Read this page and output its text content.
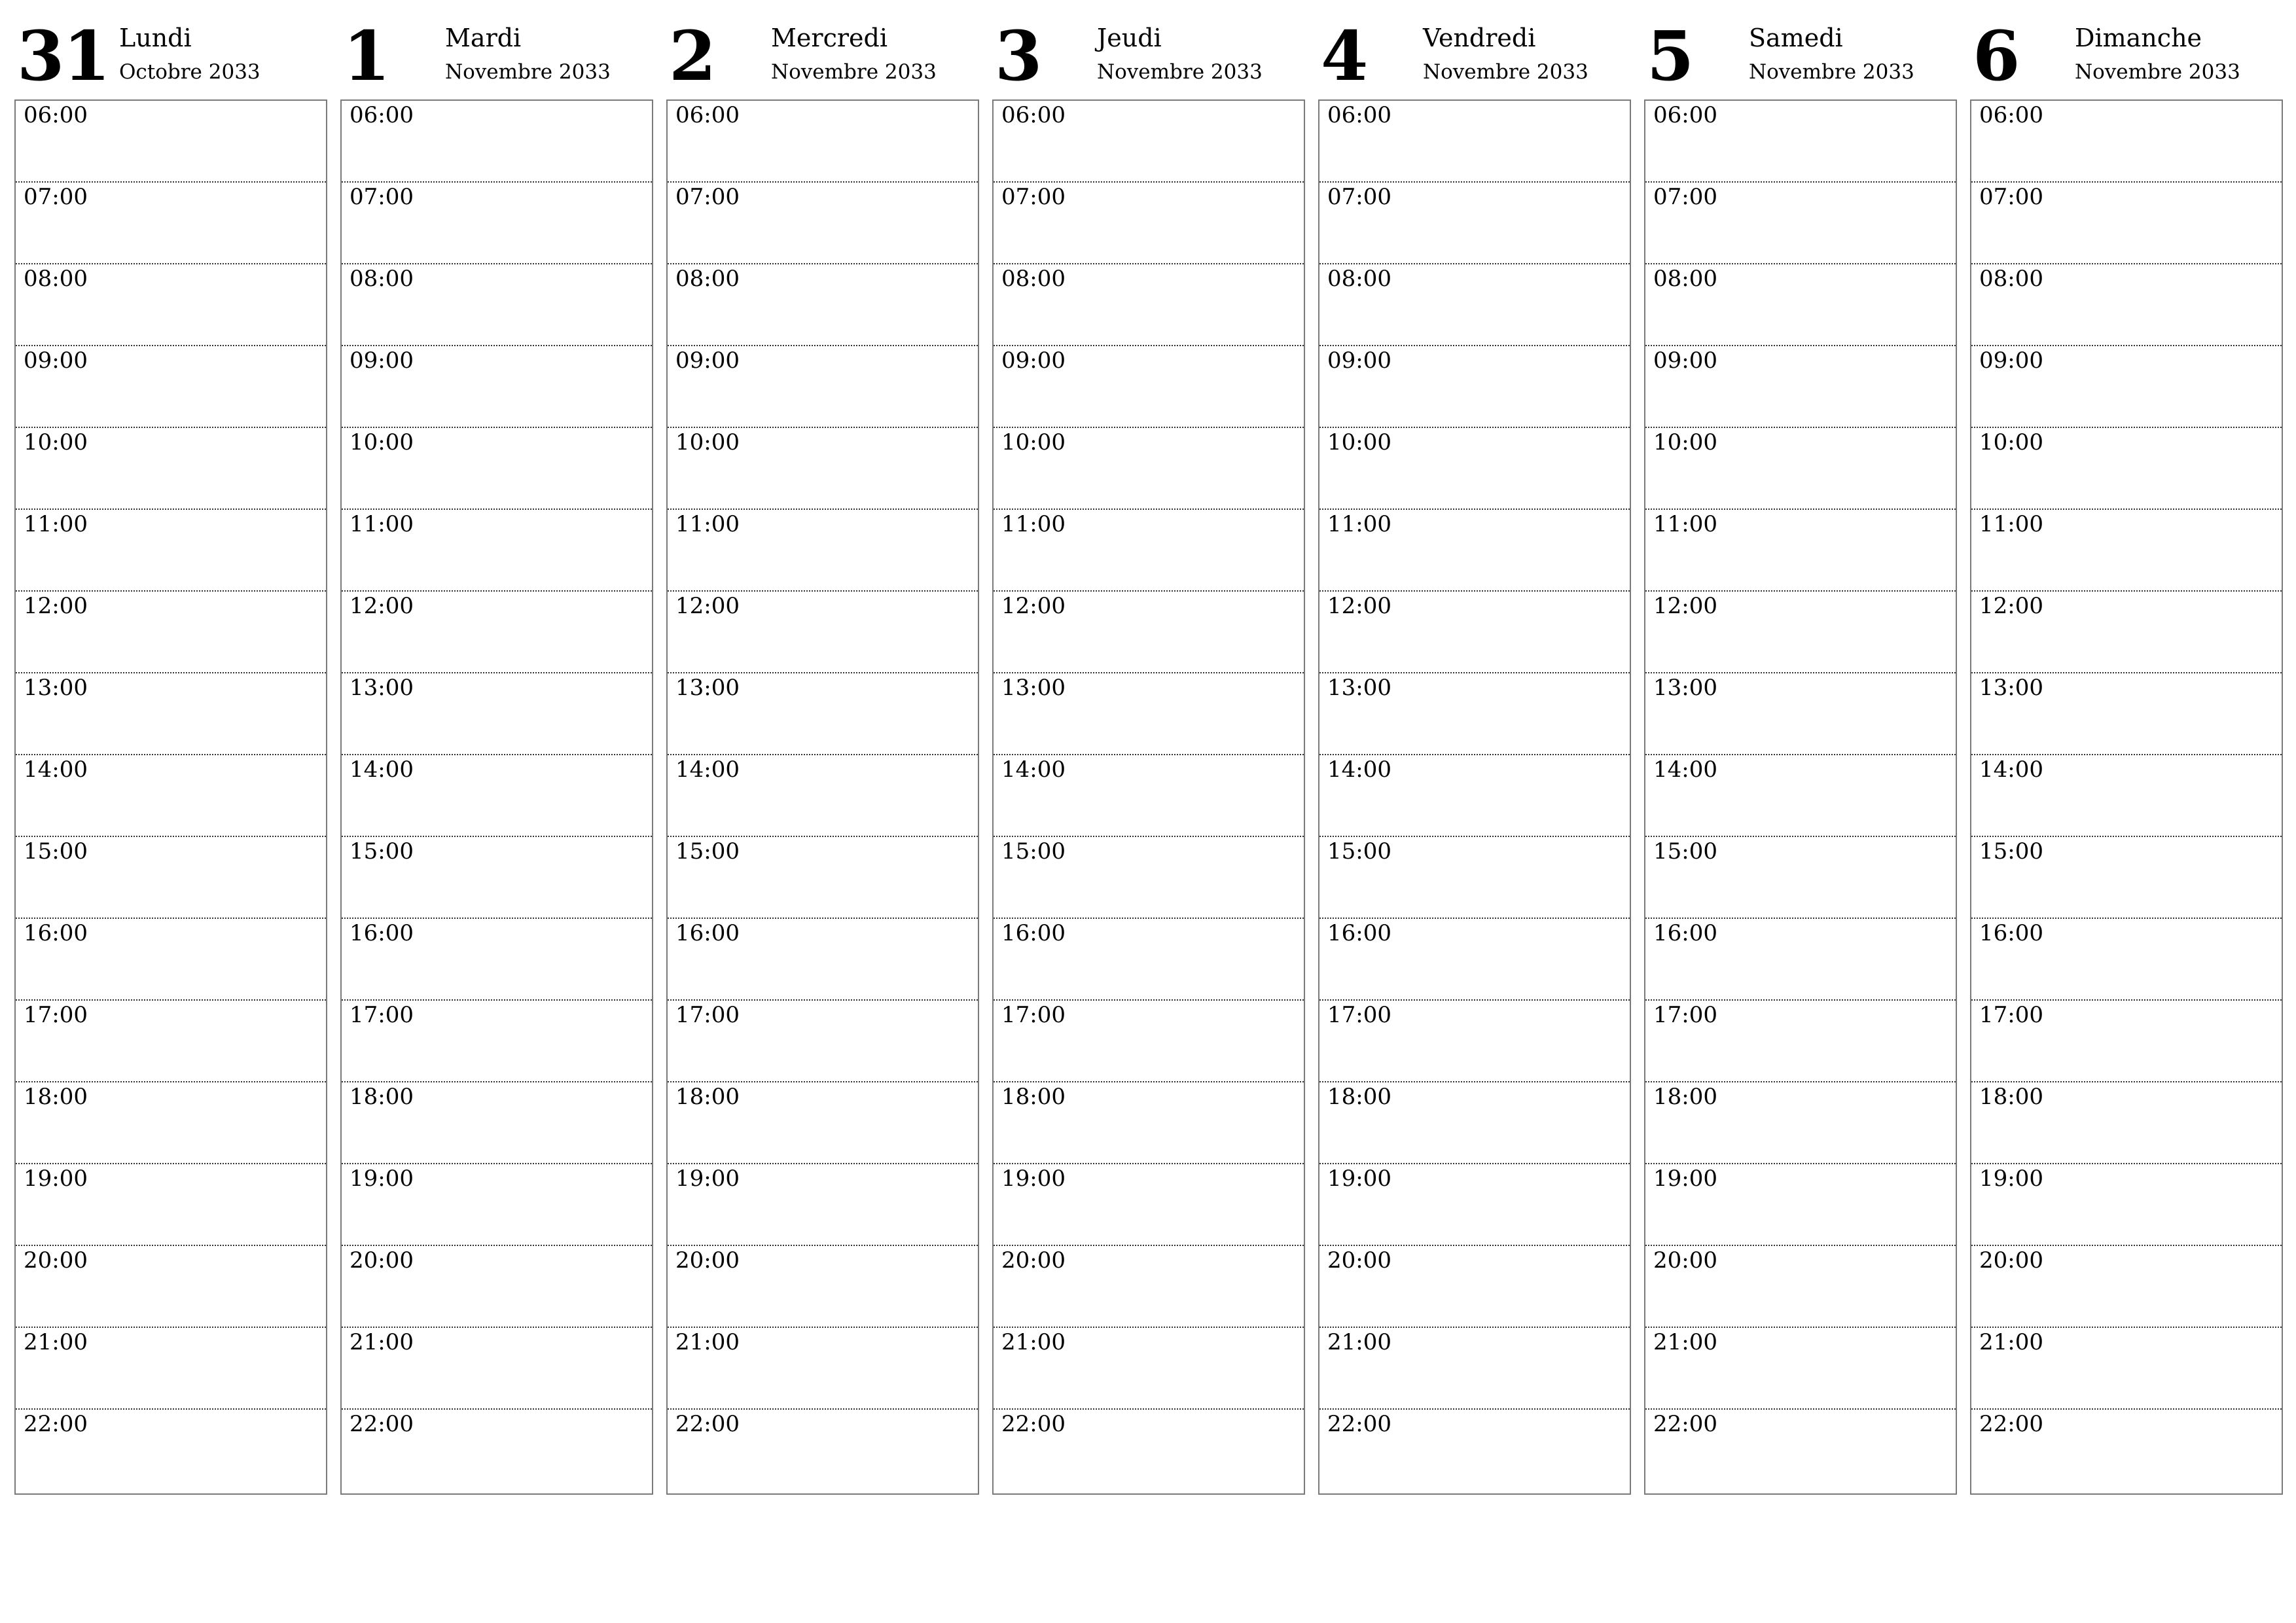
31 Lundi
Octobre 2033
06:00
07:00
08:00
09:00
10:00
11:00
12:00
13:00
14:00
15:00
16:00
17:00
18:00
19:00
20:00
21:00
22:00
1 Mardi
Novembre 2033
06:00
07:00
08:00
09:00
10:00
11:00
12:00
13:00
14:00
15:00
16:00
17:00
18:00
19:00
20:00
21:00
22:00
2 Mercredi
Novembre 2033
06:00
07:00
08:00
09:00
10:00
11:00
12:00
13:00
14:00
15:00
16:00
17:00
18:00
19:00
20:00
21:00
22:00
3 Jeudi
Novembre 2033
06:00
07:00
08:00
09:00
10:00
11:00
12:00
13:00
14:00
15:00
16:00
17:00
18:00
19:00
20:00
21:00
22:00
4 Vendredi
Novembre 2033
06:00
07:00
08:00
09:00
10:00
11:00
12:00
13:00
14:00
15:00
16:00
17:00
18:00
19:00
20:00
21:00
22:00
5 Samedi
Novembre 2033
06:00
07:00
08:00
09:00
10:00
11:00
12:00
13:00
14:00
15:00
16:00
17:00
18:00
19:00
20:00
21:00
22:00
6 Dimanche
Novembre 2033
06:00
07:00
08:00
09:00
10:00
11:00
12:00
13:00
14:00
15:00
16:00
17:00
18:00
19:00
20:00
21:00
22:00
